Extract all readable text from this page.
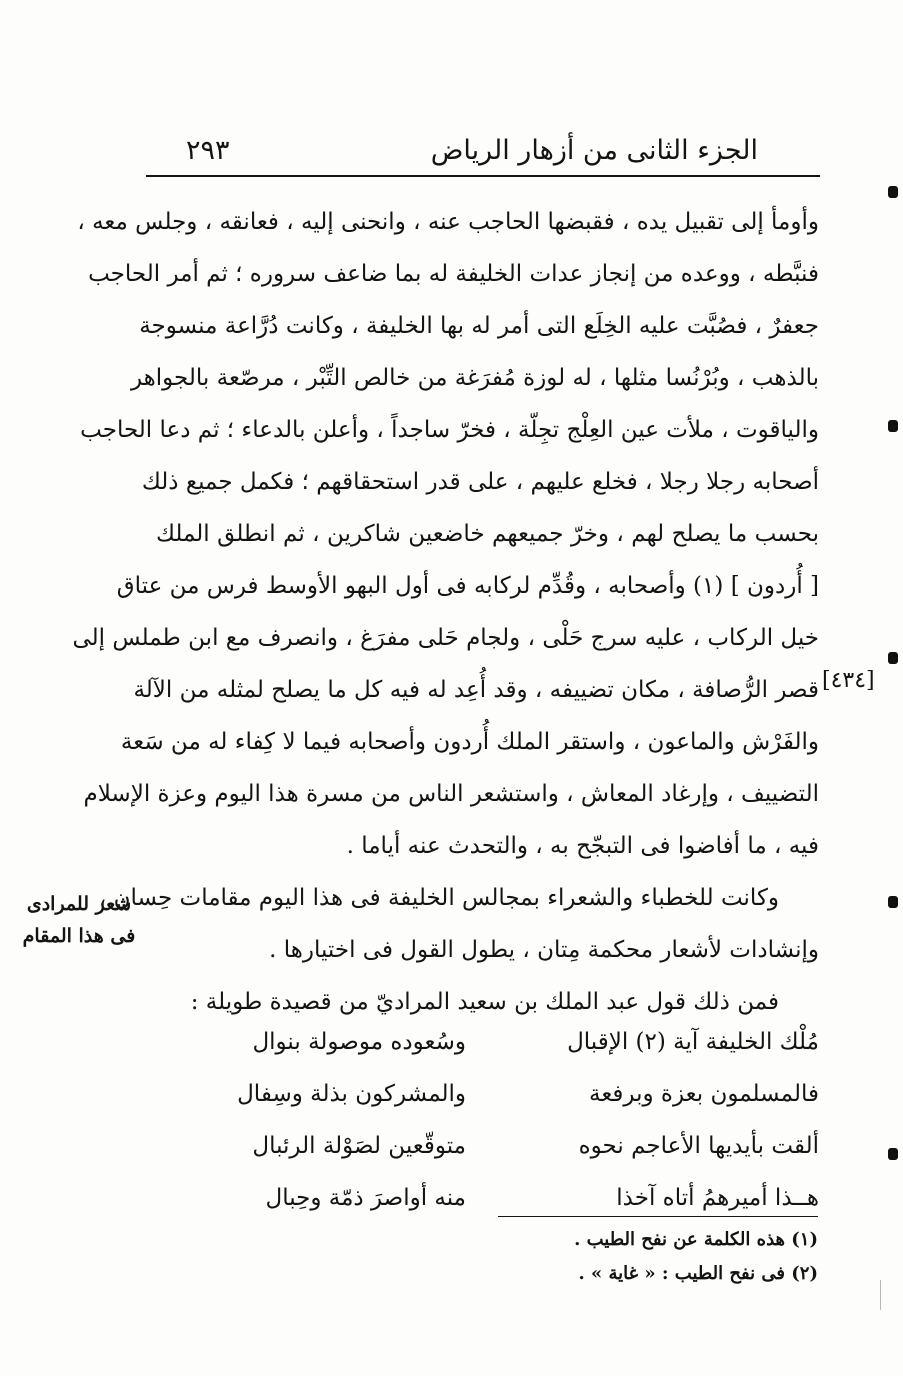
الجزء الثانى من أزهار الرياض
٢٩٣
وأومأ إلى تقبيل يده ، فقبضها الحاجب عنه ، وانحنى إليه ، فعانقه ، وجلس معه ،
فنبَّطه ، ووعده من إنجاز عدات الخليفة له بما ضاعف سروره ؛ ثم أمر الحاجب
جعفرٌ ، فصُبَّت عليه الخِلَع التى أمر له بها الخليفة ، وكانت دُرَّاعة منسوجة
بالذهب ، وبُرْنُسا مثلها ، له لوزة مُفرَغة من خالص التِّبْر ، مرصّعة بالجواهر
والياقوت ، ملأت عين العِلْج تجِلّة ، فخرّ ساجداً ، وأعلن بالدعاء ؛ ثم دعا الحاجب
أصحابه رجلا رجلا ، فخلع عليهم ، على قدر استحقاقهم ؛ فكمل جميع ذلك
بحسب ما يصلح لهم ، وخرّ جميعهم خاضعين شاكرين ، ثم انطلق الملك
[ أُردون ] (١) وأصحابه ، وقُدِّم لركابه فى أول البهو الأوسط فرس من عتاق
خيل الركاب ، عليه سرج حَلْى ، ولجام حَلى مفرَغ ، وانصرف مع ابن طملس إلى
قصر الرُّصافة ، مكان تضييفه ، وقد أُعِد له فيه كل ما يصلح لمثله من الآلة
والفَرْش والماعون ، واستقر الملك أُردون وأصحابه فيما لا كِفاء له من سَعة
التضييف ، وإرغاد المعاش ، واستشعر الناس من مسرة هذا اليوم وعزة الإسلام
فيه ، ما أفاضوا فى التبجّح به ، والتحدث عنه أياما .
وكانت للخطباء والشعراء بمجالس الخليفة فى هذا اليوم مقامات حِسان ،
وإنشادات لأشعار محكمة مِتان ، يطول القول فى اختيارها .
فمن ذلك قول عبد الملك بن سعيد المراديّ من قصيدة طويلة :
[٤٣٤]
شعر للمرادى
فى هذا المقام
مُلْك الخليفة آية (٢) الإقبال
وسُعوده موصولة بنوال
فالمسلمون بعزة وبرفعة
والمشركون بذلة وسِفال
ألقت بأيديها الأعاجم نحوه
متوقّعين لصَوْلة الرئبال
هــذا أميرهمُ أتاه آخذا
منه أواصرَ ذمّة وحِبال
(١) هذه الكلمة عن نفح الطيب .
(٢) فى نفح الطيب : « غاية » .
